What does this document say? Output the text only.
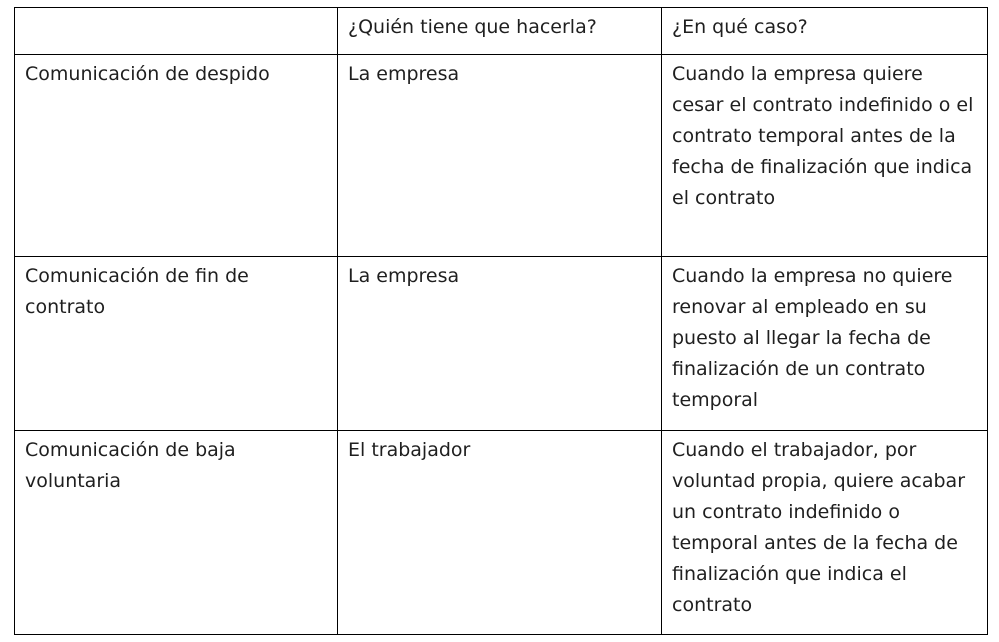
	¿Quién tiene que hacerla?	¿En qué caso?

Comunicación de despido	La empresa	Cuando la empresa quiere cesar el contrato indefinido o el contrato temporal antes de la fecha de finalización que indica el contrato

Comunicación de fin de contrato	La empresa	Cuando la empresa no quiere renovar al empleado en su puesto al llegar la fecha de finalización de un contrato temporal

Comunicación de baja voluntaria	El trabajador	Cuando el trabajador, por voluntad propia, quiere acabar un contrato indefinido o temporal antes de la fecha de finalización que indica el contrato
